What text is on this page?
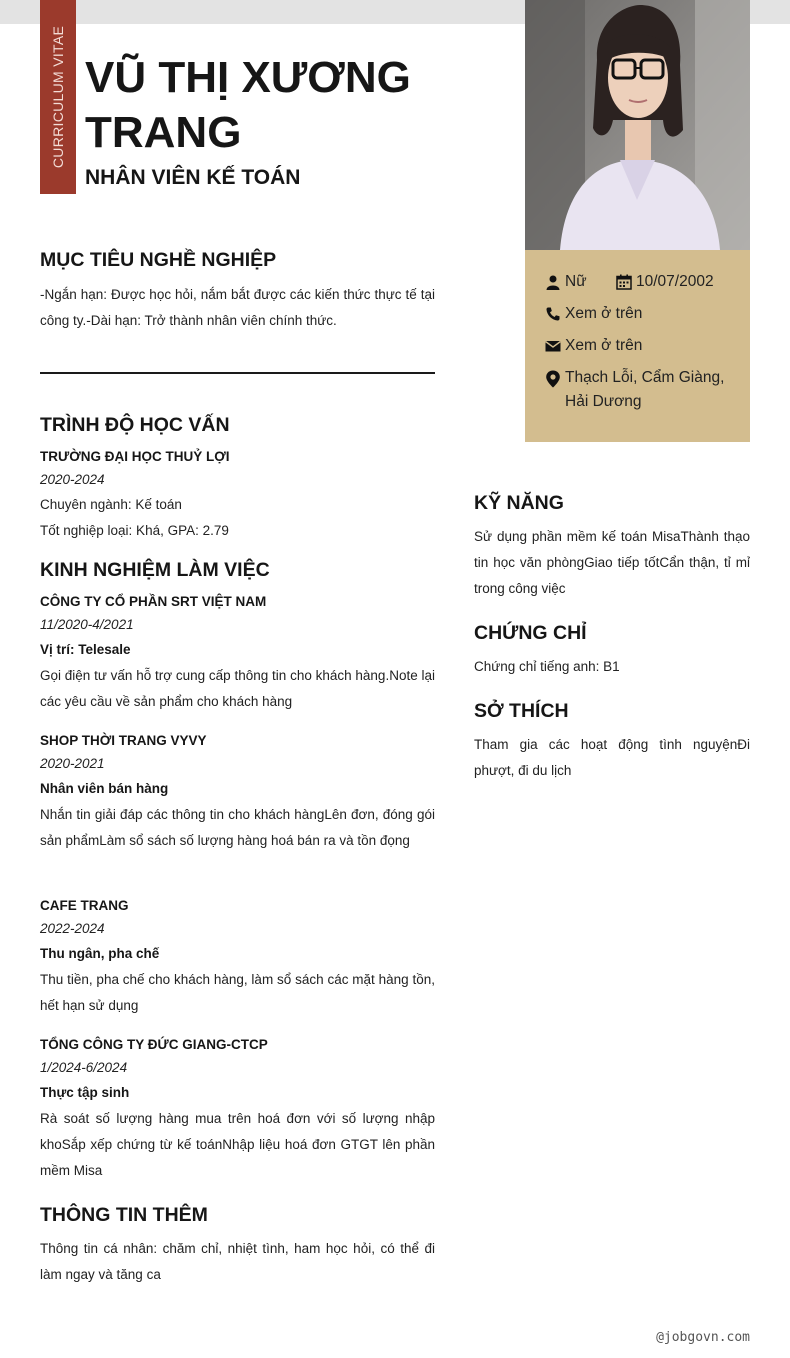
CURRICULUM VITAE VŨ THỊ XƯƠNG TRANG

NHÂN VIÊN KẾ TOÁN

Nữ	10/07/2002
Xem ở trên
Xem ở trên
Thạch Lỗi, Cẩm Giàng, Hải Dương
MỤC TIÊU NGHỀ NGHIỆP

-Ngắn hạn: Được học hỏi, nắm bắt được các kiến thức thực tế tại công ty.-Dài hạn: Trở thành nhân viên chính thức.

TRÌNH ĐỘ HỌC VẤN

TRƯỜNG ĐẠI HỌC THUỶ LỢI

2020-2024

Chuyên ngành: Kế toán

Tốt nghiệp loại: Khá, GPA: 2.79

KINH NGHIỆM LÀM VIỆC

CÔNG TY CỔ PHẦN SRT VIỆT NAM

11/2020-4/2021

Vị trí: Telesale

Gọi điện tư vấn hỗ trợ cung cấp thông tin cho khách hàng.Note lại các yêu cầu về sản phẩm cho khách hàng

SHOP THỜI TRANG VYVY

2020-2021

Nhân viên bán hàng

Nhắn tin giải đáp các thông tin cho khách hàngLên đơn, đóng gói sản phẩmLàm sổ sách số lượng hàng hoá bán ra và tồn đọng

CAFE TRANG

2022-2024

Thu ngân, pha chế

Thu tiền, pha chế cho khách hàng, làm sổ sách các mặt hàng tồn, hết hạn sử dụng

TỔNG CÔNG TY ĐỨC GIANG-CTCP

1/2024-6/2024

Thực tập sinh

Rà soát số lượng hàng mua trên hoá đơn với số lượng nhập khoSắp xếp chứng từ kế toánNhập liệu hoá đơn GTGT lên phần mềm Misa

THÔNG TIN THÊM

Thông tin cá nhân: chăm chỉ, nhiệt tình, ham học hỏi, có thể đi làm ngay và tăng ca

KỸ NĂNG

Sử dụng phần mềm kế toán MisaThành thạo tin học văn phòngGiao tiếp tốtCẩn thận, tỉ mỉ trong công việc

CHỨNG CHỈ

Chứng chỉ tiếng anh: B1

SỞ THÍCH

Tham gia các hoạt động tình nguyệnĐi phượt, đi du lịch

@jobgovn.com
